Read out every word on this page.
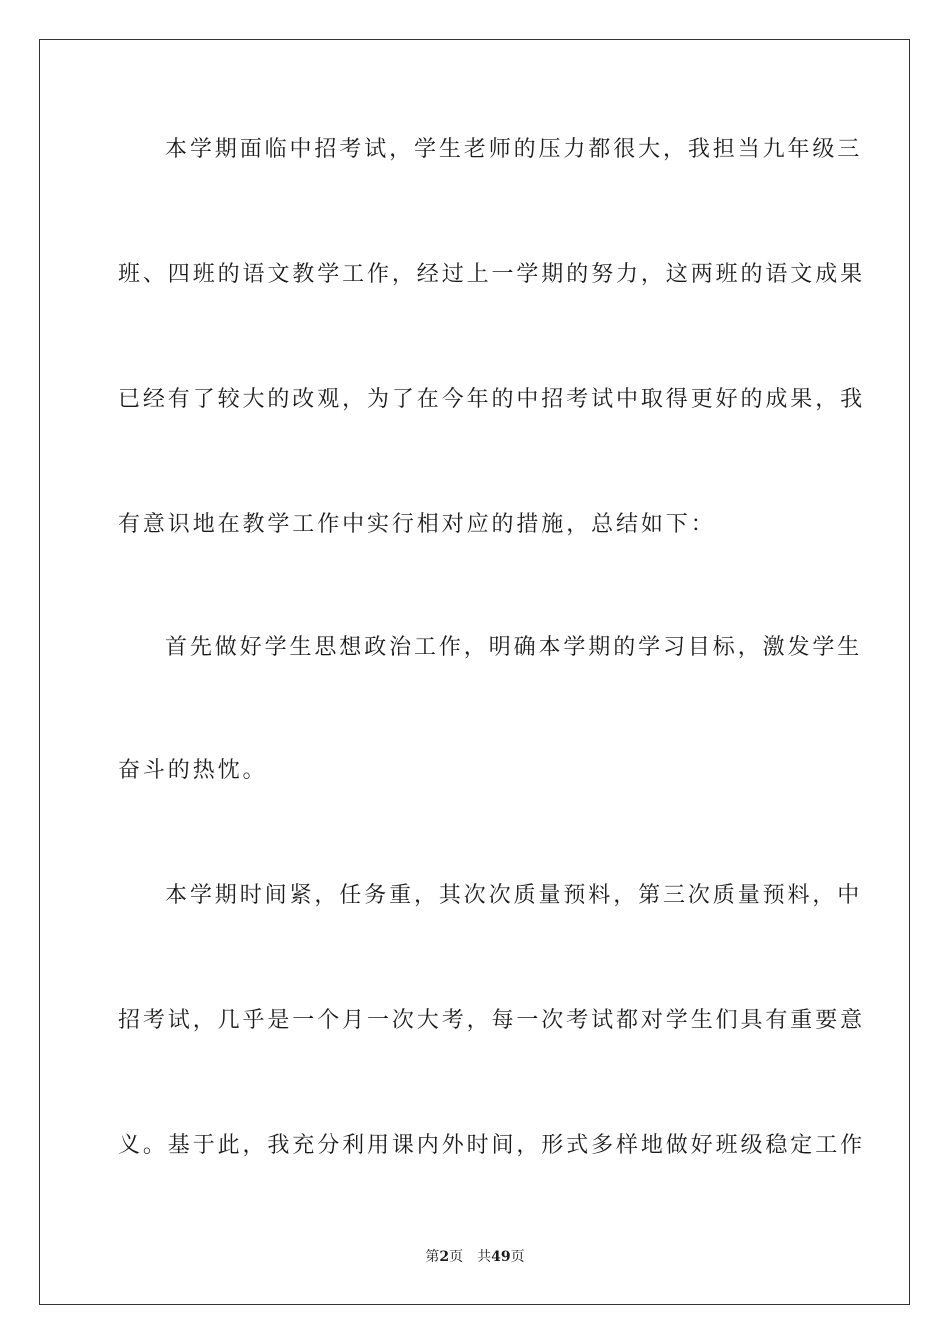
本学期面临中招考试，学生老师的压力都很大，我担当九年级三
班、四班的语文教学工作，经过上一学期的努力，这两班的语文成果
已经有了较大的改观，为了在今年的中招考试中取得更好的成果，我
有意识地在教学工作中实行相对应的措施，总结如下：
首先做好学生思想政治工作，明确本学期的学习目标，激发学生
奋斗的热忱。
本学期时间紧，任务重，其次次质量预料，第三次质量预料，中
招考试，几乎是一个月一次大考，每一次考试都对学生们具有重要意
义。基于此，我充分利用课内外时间，形式多样地做好班级稳定工作
第2页 共49页
